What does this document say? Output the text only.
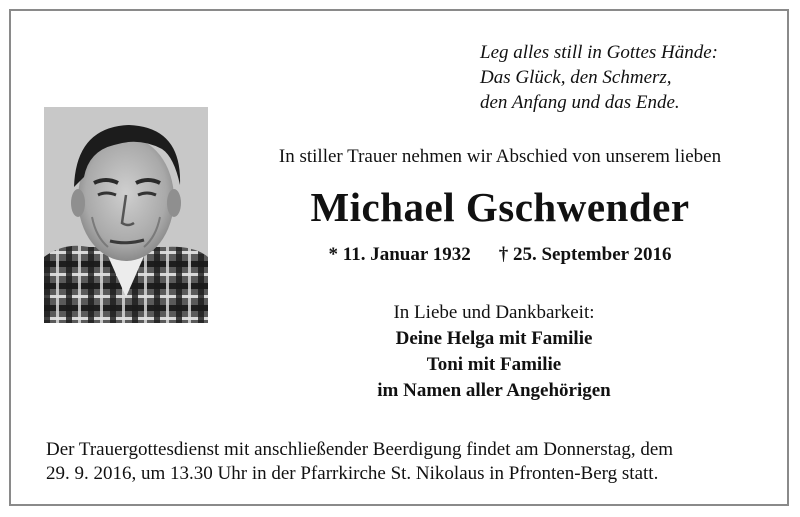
Leg alles still in Gottes Hände:
Das Glück, den Schmerz,
den Anfang und das Ende.
In stiller Trauer nehmen wir Abschied von unserem lieben
Michael Gschwender
* 11. Januar 1932 † 25. September 2016
In Liebe und Dankbarkeit:
Deine Helga mit Familie
Toni mit Familie
im Namen aller Angehörigen
Der Trauergottesdienst mit anschließender Beerdigung findet am Donnerstag, dem
29. 9. 2016, um 13.30 Uhr in der Pfarrkirche St. Nikolaus in Pfronten-Berg statt.
